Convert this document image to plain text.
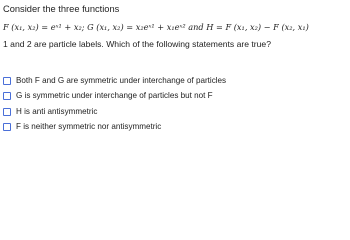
Consider the three functions
F (x₁, x₂) = eˣ¹ + x₂; G (x₁, x₂) = x₂eˣ¹ + x₁eˣ² and H = F (x₁, x₂) − F (x₂, x₁)
1 and 2 are particle labels. Which of the following statements are true?
Both F and G are symmetric under interchange of particles
G is symmetric under interchange of particles but not F
H is anti antisymmetric
F is neither symmetric nor antisymmetric
